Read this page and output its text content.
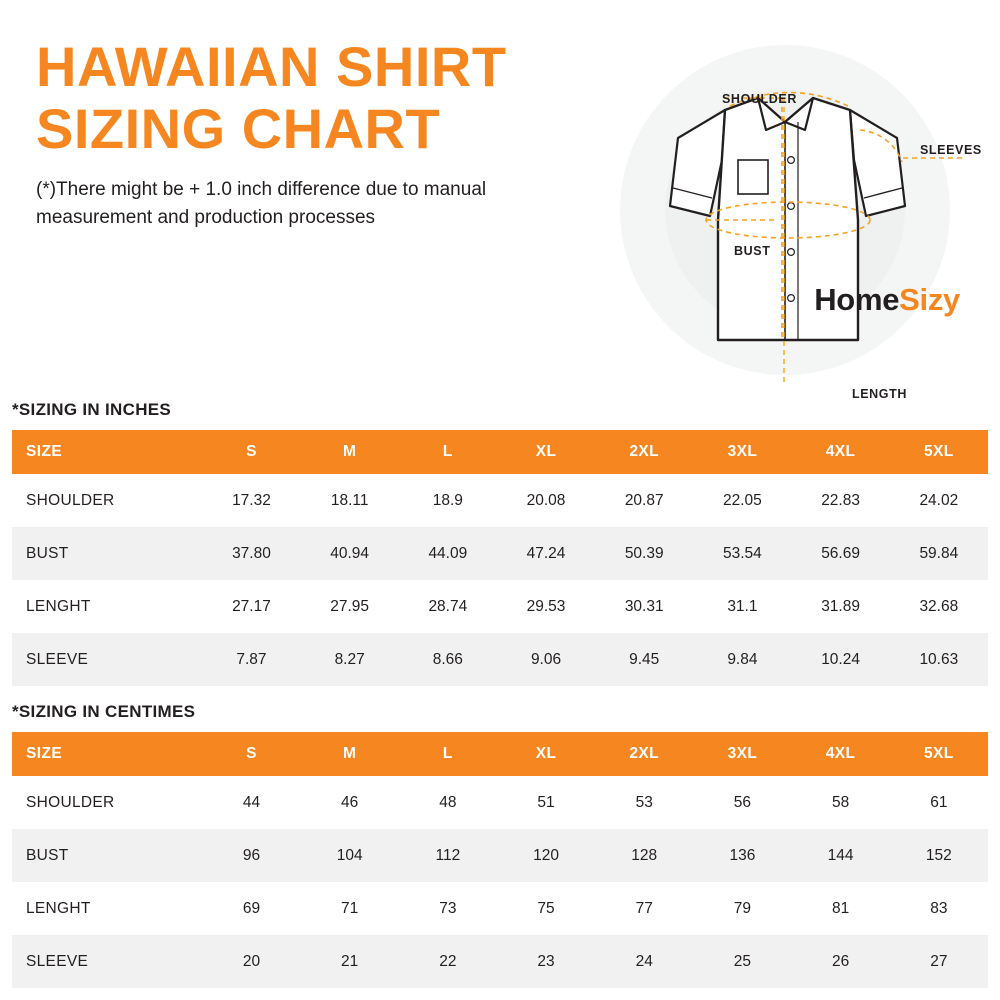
HAWAIIAN SHIRT
SIZING CHART
(*)There might be + 1.0 inch difference due to manual measurement and production processes
SHOULDER
SLEEVES
BUST
LENGTH
HomeSizy
*SIZING IN INCHES
SIZE	S	M	L	XL	2XL	3XL	4XL	5XL
SHOULDER	17.32	18.11	18.9	20.08	20.87	22.05	22.83	24.02
BUST	37.80	40.94	44.09	47.24	50.39	53.54	56.69	59.84
LENGHT	27.17	27.95	28.74	29.53	30.31	31.1	31.89	32.68
SLEEVE	7.87	8.27	8.66	9.06	9.45	9.84	10.24	10.63
*SIZING IN CENTIMES
SIZE	S	M	L	XL	2XL	3XL	4XL	5XL
SHOULDER	44	46	48	51	53	56	58	61
BUST	96	104	112	120	128	136	144	152
LENGHT	69	71	73	75	77	79	81	83
SLEEVE	20	21	22	23	24	25	26	27
